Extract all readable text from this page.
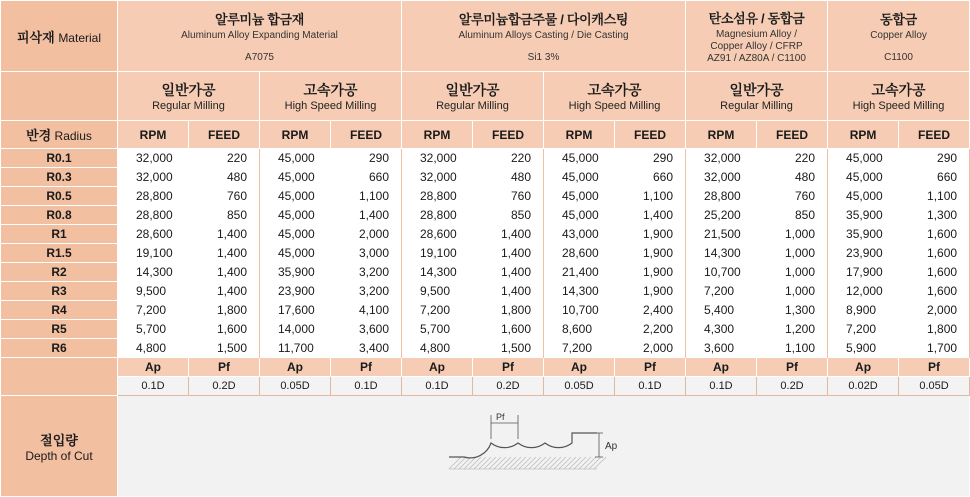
피삭재 Material	알루미늄 합금재
Aluminum Alloy Expanding Material
A7075				알루미늄합금주물 / 다이캐스팅
Aluminum Alloys Casting / Die Casting
Si1 3%				탄소섬유 / 동합금
Magnesium Alloy /
Copper Alloy / CFRP
AZ91 / AZ80A / C1100		동합금
Copper Alloy
C1100	

	일반가공
Regular Milling		고속가공
High Speed Milling		일반가공
Regular Milling		고속가공
High Speed Milling		일반가공
Regular Milling		고속가공
High Speed Milling	

반경 Radius	RPM	FEED	RPM	FEED	RPM	FEED	RPM	FEED	RPM	FEED	RPM	FEED
R0.1	32,000	220	45,000	290	32,000	220	45,000	290	32,000	220	45,000	290
R0.3	32,000	480	45,000	660	32,000	480	45,000	660	32,000	480	45,000	660
R0.5	28,800	760	45,000	1,100	28,800	760	45,000	1,100	28,800	760	45,000	1,100
R0.8	28,800	850	45,000	1,400	28,800	850	45,000	1,400	25,200	850	35,900	1,300
R1	28,600	1,400	45,000	2,000	28,600	1,400	43,000	1,900	21,500	1,000	35,900	1,600
R1.5	19,100	1,400	45,000	3,000	19,100	1,400	28,600	1,900	14,300	1,000	23,900	1,600
R2	14,300	1,400	35,900	3,200	14,300	1,400	21,400	1,900	10,700	1,000	17,900	1,600
R3	9,500	1,400	23,900	3,200	9,500	1,400	14,300	1,900	7,200	1,000	12,000	1,600
R4	7,200	1,800	17,600	4,100	7,200	1,800	10,700	2,400	5,400	1,300	8,900	2,000
R5	5,700	1,600	14,000	3,600	5,700	1,600	8,600	2,200	4,300	1,200	7,200	1,800
R6	4,800	1,500	11,700	3,400	4,800	1,500	7,200	2,000	3,600	1,100	5,900	1,700
	Ap	Pf	Ap	Pf	Ap	Pf	Ap	Pf	Ap	Pf	Ap	Pf
	0.1D	0.2D	0.05D	0.1D	0.1D	0.2D	0.05D	0.1D	0.1D	0.2D	0.02D	0.05D

절입량
Depth of Cut	Pf
Ap											
